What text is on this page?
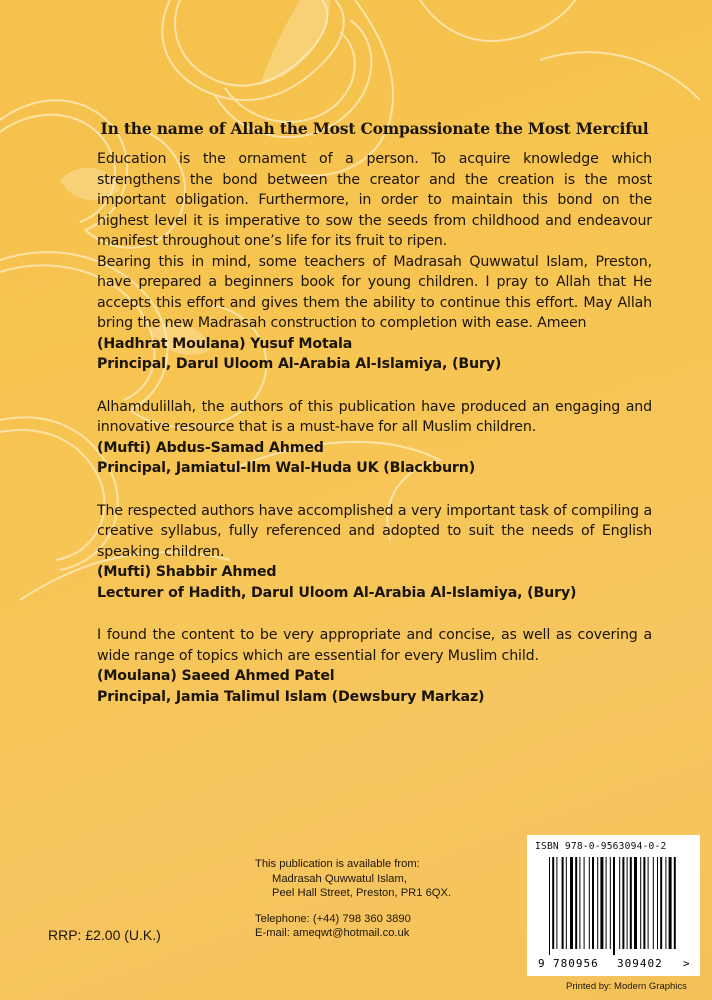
In the name of Allah the Most Compassionate the Most Merciful

Education is the ornament of a person. To acquire knowledge which strengthens the bond between the creator and the creation is the most important obligation. Furthermore, in order to maintain this bond on the highest level it is imperative to sow the seeds from childhood and endeavour manifest throughout one’s life for its fruit to ripen.

Bearing this in mind, some teachers of Madrasah Quwwatul Islam, Preston, have prepared a beginners book for young children. I pray to Allah that He accepts this effort and gives them the ability to continue this effort. May Allah bring the new Madrasah construction to completion with ease. Ameen

(Hadhrat Moulana) Yusuf Motala

Principal, Darul Uloom Al-Arabia Al-Islamiya, (Bury)

Alhamdulillah, the authors of this publication have produced an engaging and innovative resource that is a must-have for all Muslim children.

(Mufti) Abdus-Samad Ahmed

Principal, Jamiatul-Ilm Wal-Huda UK (Blackburn)

The respected authors have accomplished a very important task of compiling a creative syllabus, fully referenced and adopted to suit the needs of English speaking children.

(Mufti) Shabbir Ahmed

Lecturer of Hadith, Darul Uloom Al-Arabia Al-Islamiya, (Bury)

I found the content to be very appropriate and concise, as well as covering a wide range of topics which are essential for every Muslim child.

(Moulana) Saeed Ahmed Patel

Principal, Jamia Talimul Islam (Dewsbury Markaz)

This publication is available from:
Madrasah Quwwatul Islam,
Peel Hall Street, Preston, PR1 6QX.
Telephone: (+44) 798 360 3890
E-mail: ameqwt@hotmail.co.uk
RRP: £2.00 (U.K.)
ISBN 978-0-9563094-0-2
9 780956 309402 >
Printed by: Modern Graphics
